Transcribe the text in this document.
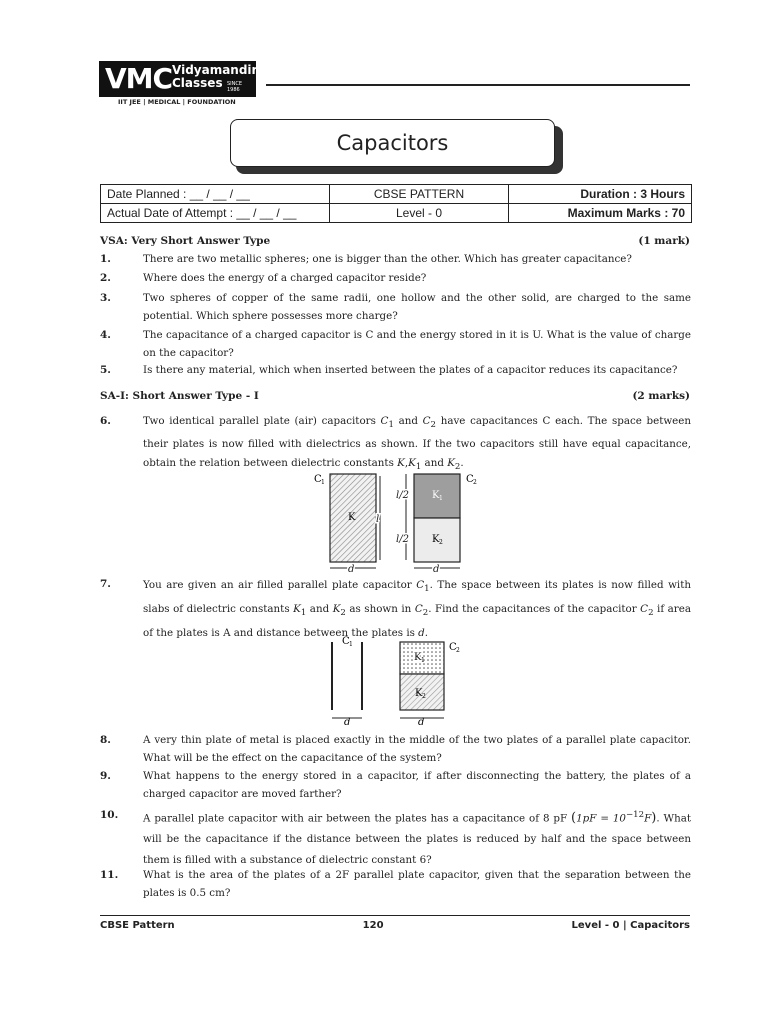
VMC Vidyamandir
Classes SINCE 1986
IIT JEE | MEDICAL | FOUNDATION
Capacitors
Date Planned : __ / __ / __	CBSE PATTERN	Duration : 3 Hours
Actual Date of Attempt : __ / __ / __	Level - 0	Maximum Marks : 70
VSA: Very Short Answer Type	(1 mark)
1.	There are two metallic spheres; one is bigger than the other. Which has greater capacitance?
2.	Where does the energy of a charged capacitor reside?
3.	Two spheres of copper of the same radii, one hollow and the other solid, are charged to the same potential. Which sphere possesses more charge?
4.	The capacitance of a charged capacitor is C and the energy stored in it is U. What is the value of charge on the capacitor?
5.	Is there any material, which when inserted between the plates of a capacitor reduces its capacitance?
SA-I: Short Answer Type - I	(2 marks)
6.	Two identical parallel plate (air) capacitors $C_1$ and $C_2$ have capacitances C each. The space between their plates is now filled with dielectrics as shown. If the two capacitors still have equal capacitance, obtain the relation between dielectric constants $K,K_1$ and $K_2$.
C 1
K l
d
l/2
l/2
K 1
K 2
C 2
d
7.	You are given an air filled parallel plate capacitor $C_1$. The space between its plates is now filled with slabs of dielectric constants $K_1$ and $K_2$ as shown in $C_2$. Find the capacitances of the capacitor $C_2$ if area of the plates is A and distance between the plates is d.
C 1
d
K 1
K 2
C 2
d
8.	A very thin plate of metal is placed exactly in the middle of the two plates of a parallel plate capacitor. What will be the effect on the capacitance of the system?
9.	What happens to the energy stored in a capacitor, if after disconnecting the battery, the plates of a charged capacitor are moved farther?
10. A parallel plate capacitor with air between the plates has a capacitance of 8 pF $(1pF = 10^{-12}F)$. What will be the capacitance if the distance between the plates is reduced by half and the space between them is filled with a substance of dielectric constant 6?
11. What is the area of the plates of a 2F parallel plate capacitor, given that the separation between the plates is 0.5 cm?
CBSE Pattern	120	Level - 0 | Capacitors
